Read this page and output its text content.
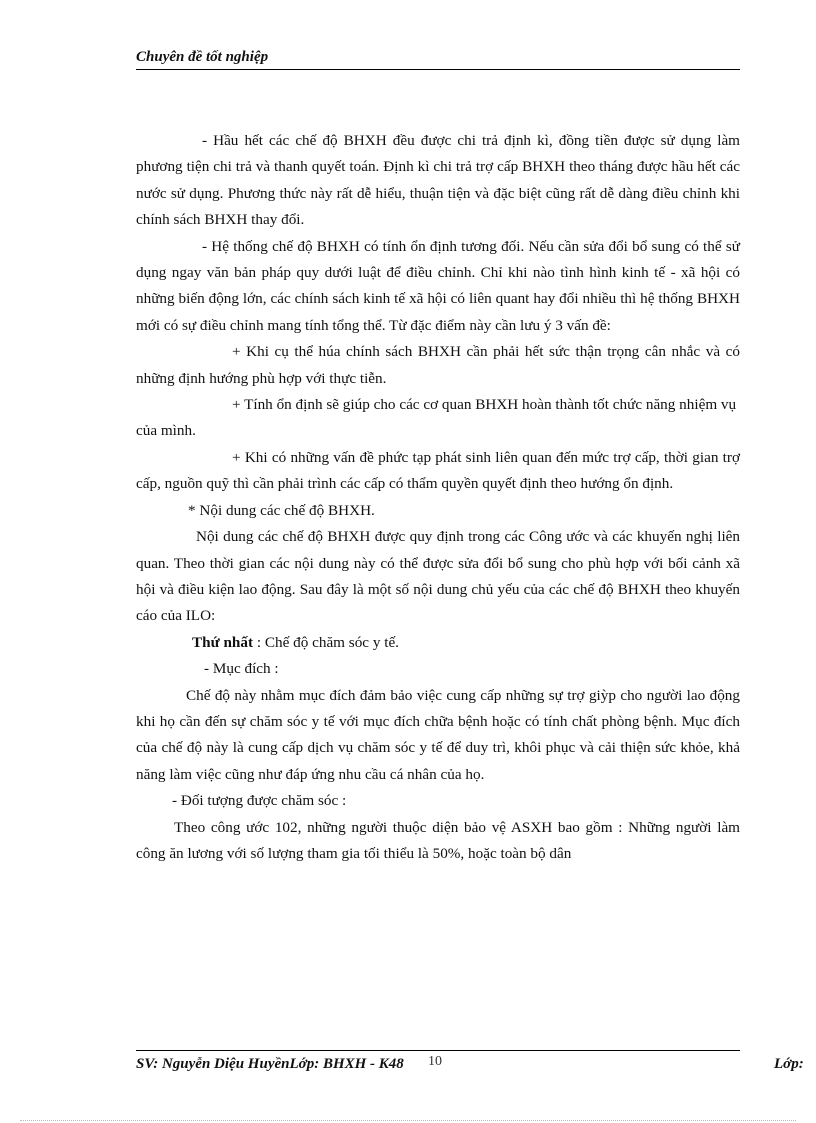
Chuyên đề tốt nghiệp

- Hầu hết các chế độ BHXH đều được chi trả định kì, đồng tiền được sử dụng làm phương tiện chi trả và thanh quyết toán. Định kì chi trả trợ cấp BHXH theo tháng được hầu hết các nước sử dụng. Phương thức này rất dễ hiểu, thuận tiện và đặc biệt cũng rất dễ dàng điều chỉnh khi chính sách BHXH thay đổi.

- Hệ thống chế độ BHXH có tính ổn định tương đối. Nếu cần sửa đổi bổ sung có thể sử dụng ngay văn bản pháp quy dưới luật để điều chỉnh. Chỉ khi nào tình hình kinh tế - xã hội có những biến động lớn, các chính sách kinh tế xã hội có liên quant hay đổi nhiều thì hệ thống BHXH mới có sự điều chỉnh mang tính tổng thể. Từ đặc điểm này cần lưu ý 3 vấn đề:

+ Khi cụ thể húa chính sách BHXH cần phải hết sức thận trọng cân nhắc và có những định hướng phù hợp với thực tiễn.

+ Tính ổn định sẽ giúp cho các cơ quan BHXH hoàn thành tốt chức năng nhiệm vụ của mình.

+ Khi có những vấn đề phức tạp phát sinh liên quan đến mức trợ cấp, thời gian trợ cấp, nguồn quỹ thì cần phải trình các cấp có thẩm quyền quyết định theo hướng ổn định.

* Nội dung các chế độ BHXH.

Nội dung các chế độ BHXH được quy định trong các Công ước và các khuyến nghị liên quan. Theo thời gian các nội dung này có thể được sửa đổi bổ sung cho phù hợp với bối cảnh xã hội và điều kiện lao động. Sau đây là một số nội dung chủ yếu của các chế độ BHXH theo khuyến cáo của ILO:

Thứ nhất : Chế độ chăm sóc y tế.

- Mục đích :

Chế độ này nhằm mục đích đảm bảo việc cung cấp những sự trợ giỳp cho người lao động khi họ cần đến sự chăm sóc y tế với mục đích chữa bệnh hoặc có tính chất phòng bệnh. Mục đích của chế độ này là cung cấp dịch vụ chăm sóc y tế để duy trì, khôi phục và cải thiện sức khỏe, khả năng làm việc cũng như đáp ứng nhu cầu cá nhân của họ.

- Đối tượng được chăm sóc :

Theo công ước 102, những người thuộc diện bảo vệ ASXH bao gồm : Những người làm công ăn lương với số lượng tham gia tối thiểu là 50%, hoặc toàn bộ dân

SV: Nguyễn Diệu HuyềnLớp: BHXH - K48 10	Lớp:
